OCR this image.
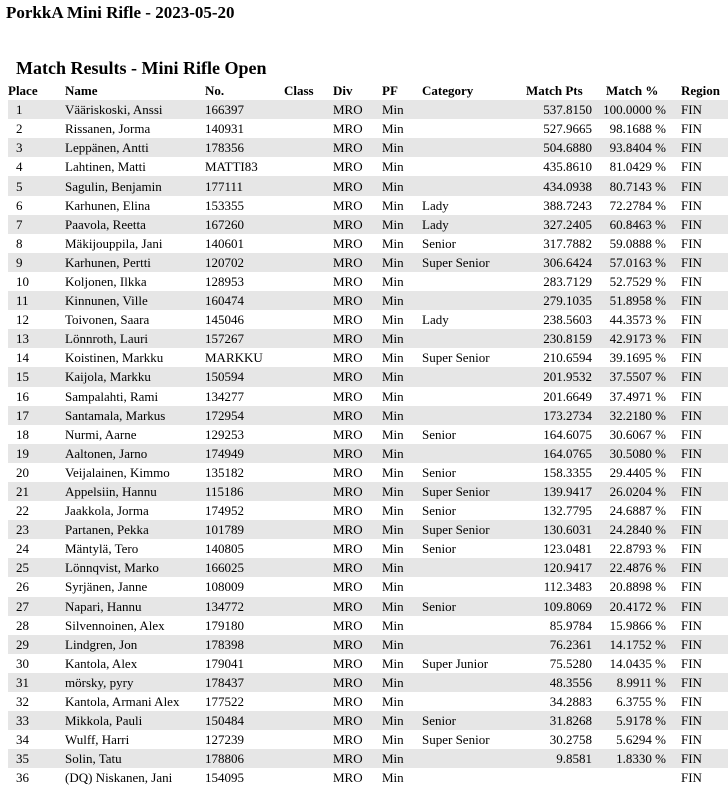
PorkkA Mini Rifle - 2023-05-20
Match Results - Mini Rifle Open
Place	Name	No.	Class	Div	PF	Category	Match Pts	Match %	Region
1	Vääriskoski, Anssi	166397		MRO	Min		537.8150	100.0000 %	FIN
2	Rissanen, Jorma	140931		MRO	Min		527.9665	98.1688 %	FIN
3	Leppänen, Antti	178356		MRO	Min		504.6880	93.8404 %	FIN
4	Lahtinen, Matti	MATTI83		MRO	Min		435.8610	81.0429 %	FIN
5	Sagulin, Benjamin	177111		MRO	Min		434.0938	80.7143 %	FIN
6	Karhunen, Elina	153355		MRO	Min	Lady	388.7243	72.2784 %	FIN
7	Paavola, Reetta	167260		MRO	Min	Lady	327.2405	60.8463 %	FIN
8	Mäkijouppila, Jani	140601		MRO	Min	Senior	317.7882	59.0888 %	FIN
9	Karhunen, Pertti	120702		MRO	Min	Super Senior	306.6424	57.0163 %	FIN
10	Koljonen, Ilkka	128953		MRO	Min		283.7129	52.7529 %	FIN
11	Kinnunen, Ville	160474		MRO	Min		279.1035	51.8958 %	FIN
12	Toivonen, Saara	145046		MRO	Min	Lady	238.5603	44.3573 %	FIN
13	Lönnroth, Lauri	157267		MRO	Min		230.8159	42.9173 %	FIN
14	Koistinen, Markku	MARKKU		MRO	Min	Super Senior	210.6594	39.1695 %	FIN
15	Kaijola, Markku	150594		MRO	Min		201.9532	37.5507 %	FIN
16	Sampalahti, Rami	134277		MRO	Min		201.6649	37.4971 %	FIN
17	Santamala, Markus	172954		MRO	Min		173.2734	32.2180 %	FIN
18	Nurmi, Aarne	129253		MRO	Min	Senior	164.6075	30.6067 %	FIN
19	Aaltonen, Jarno	174949		MRO	Min		164.0765	30.5080 %	FIN
20	Veijalainen, Kimmo	135182		MRO	Min	Senior	158.3355	29.4405 %	FIN
21	Appelsiin, Hannu	115186		MRO	Min	Super Senior	139.9417	26.0204 %	FIN
22	Jaakkola, Jorma	174952		MRO	Min	Senior	132.7795	24.6887 %	FIN
23	Partanen, Pekka	101789		MRO	Min	Super Senior	130.6031	24.2840 %	FIN
24	Mäntylä, Tero	140805		MRO	Min	Senior	123.0481	22.8793 %	FIN
25	Lönnqvist, Marko	166025		MRO	Min		120.9417	22.4876 %	FIN
26	Syrjänen, Janne	108009		MRO	Min		112.3483	20.8898 %	FIN
27	Napari, Hannu	134772		MRO	Min	Senior	109.8069	20.4172 %	FIN
28	Silvennoinen, Alex	179180		MRO	Min		85.9784	15.9866 %	FIN
29	Lindgren, Jon	178398		MRO	Min		76.2361	14.1752 %	FIN
30	Kantola, Alex	179041		MRO	Min	Super Junior	75.5280	14.0435 %	FIN
31	mörsky, pyry	178437		MRO	Min		48.3556	8.9911 %	FIN
32	Kantola, Armani Alex	177522		MRO	Min		34.2883	6.3755 %	FIN
33	Mikkola, Pauli	150484		MRO	Min	Senior	31.8268	5.9178 %	FIN
34	Wulff, Harri	127239		MRO	Min	Super Senior	30.2758	5.6294 %	FIN
35	Solin, Tatu	178806		MRO	Min		9.8581	1.8330 %	FIN
36	(DQ) Niskanen, Jani	154095		MRO	Min				FIN
